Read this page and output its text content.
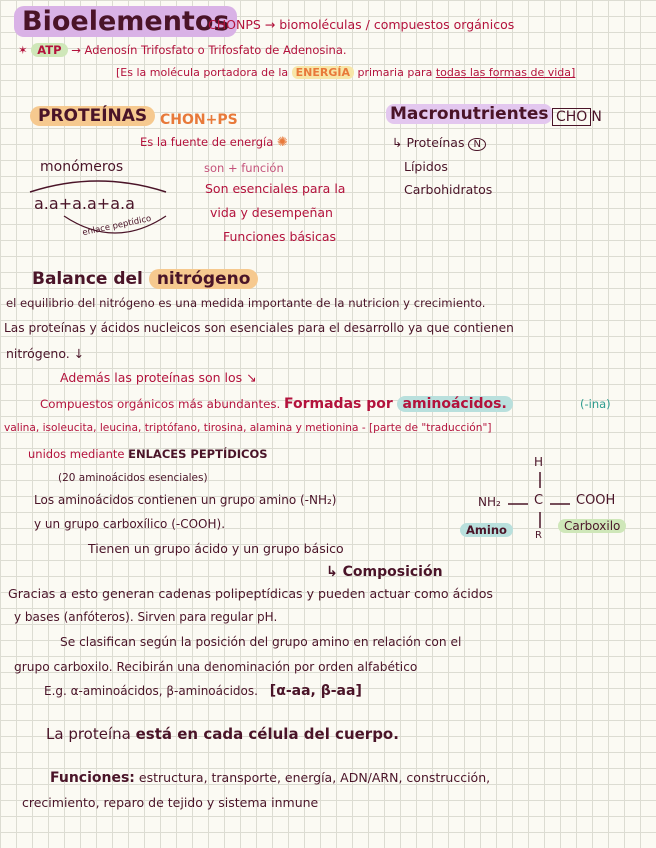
Bioelementos
CHONPS → biomoléculas / compuestos orgánicos
✶ ATP → Adenosín Trifosfato o Trifosfato de Adenosina.
[Es la molécula portadora de la ENERGÍA primaria para todas las formas de vida]
PROTEÍNAS CHON+PS
Es la fuente de energía ✺
monómeros
a.a+a.a+a.a
enlace peptídico
son + función
Son esenciales para la
vida y desempeñan
Funciones básicas
Macronutrientes CHO N
↳ Proteínas N
Lípidos
Carbohidratos
Balance del nitrógeno
el equilibrio del nitrógeno es una medida importante de la nutricion y crecimiento.
Las proteínas y ácidos nucleicos son esenciales para el desarrollo ya que contienen
nitrógeno. ↓
Además las proteínas son los ↘
Compuestos orgánicos más abundantes. Formadas por aminoácidos.	(-ina)
valina, isoleucita, leucina, triptófano, tirosina, alamina y metionina - [parte de "traducción"]
unidos mediante ENLACES PEPTÍDICOS
(20 aminoácidos esenciales)
Los aminoácidos contienen un grupo amino (-NH₂)
y un grupo carboxílico (-COOH).
Tienen un grupo ácido y un grupo básico
H
NH₂	C	COOH
R
Amino	Carboxilo
↳ Composición
Gracias a esto generan cadenas polipeptídicas y pueden actuar como ácidos
y bases (anfóteros). Sirven para regular pH.
Se clasifican según la posición del grupo amino en relación con el
grupo carboxilo. Recibirán una denominación por orden alfabético
E.g. α-aminoácidos, β-aminoácidos. [α-aa, β-aa]
La proteína está en cada célula del cuerpo.
Funciones: estructura, transporte, energía, ADN/ARN, construcción,
crecimiento, reparo de tejido y sistema inmune
